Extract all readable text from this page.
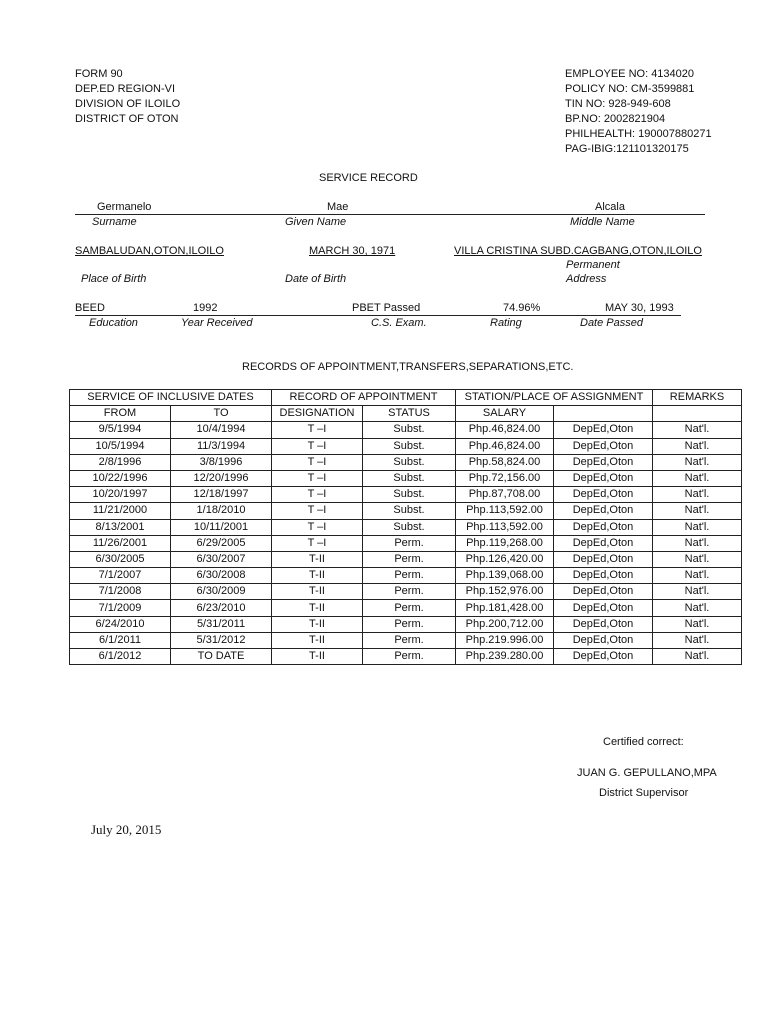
FORM 90
DEP.ED REGION-VI
DIVISION OF ILOILO
DISTRICT OF OTON
EMPLOYEE NO: 4134020
POLICY NO: CM-3599881
TIN NO: 928-949-608
BP.NO: 2002821904
PHILHEALTH: 190007880271
PAG-IBIG:121101320175
SERVICE RECORD
Germanelo	Mae	Alcala
Surname	Given Name	Middle Name
SAMBALUDAN,OTON,ILOILO	MARCH 30, 1971	VILLA CRISTINA SUBD.CAGBANG,OTON,ILOILO
Permanent
Place of Birth	Date of Birth	Address
BEED	1992	PBET Passed	74.96%	MAY 30, 1993
Education	Year Received	C.S. Exam.	Rating	Date Passed
RECORDS OF APPOINTMENT,TRANSFERS,SEPARATIONS,ETC.
SERVICE OF INCLUSIVE DATES		RECORD OF APPOINTMENT		STATION/PLACE OF ASSIGNMENT		REMARKS
FROM	TO	DESIGNATION	STATUS	SALARY		
9/5/1994	10/4/1994	T –I	Subst.	Php.46,824.00	DepEd,Oton	Nat'l.
10/5/1994	11/3/1994	T –I	Subst.	Php.46,824.00	DepEd,Oton	Nat'l.
2/8/1996	3/8/1996	T –I	Subst.	Php.58,824.00	DepEd,Oton	Nat'l.
10/22/1996	12/20/1996	T –I	Subst.	Php.72,156.00	DepEd,Oton	Nat'l.
10/20/1997	12/18/1997	T –I	Subst.	Php.87,708.00	DepEd,Oton	Nat'l.
11/21/2000	1/18/2010	T –I	Subst.	Php.113,592.00	DepEd,Oton	Nat'l.
8/13/2001	10/11/2001	T –I	Subst.	Php.113,592.00	DepEd,Oton	Nat'l.
11/26/2001	6/29/2005	T –I	Perm.	Php.119,268.00	DepEd,Oton	Nat'l.
6/30/2005	6/30/2007	T-II	Perm.	Php.126,420.00	DepEd,Oton	Nat'l.
7/1/2007	6/30/2008	T-II	Perm.	Php.139,068.00	DepEd,Oton	Nat'l.
7/1/2008	6/30/2009	T-II	Perm.	Php.152,976.00	DepEd,Oton	Nat'l.
7/1/2009	6/23/2010	T-II	Perm.	Php.181,428.00	DepEd,Oton	Nat'l.
6/24/2010	5/31/2011	T-II	Perm.	Php.200,712.00	DepEd,Oton	Nat'l.
6/1/2011	5/31/2012	T-II	Perm.	Php.219.996.00	DepEd,Oton	Nat'l.
6/1/2012	TO DATE	T-II	Perm.	Php.239.280.00	DepEd,Oton	Nat'l.
Certified correct:
JUAN G. GEPULLANO,MPA
District Supervisor
July 20, 2015
